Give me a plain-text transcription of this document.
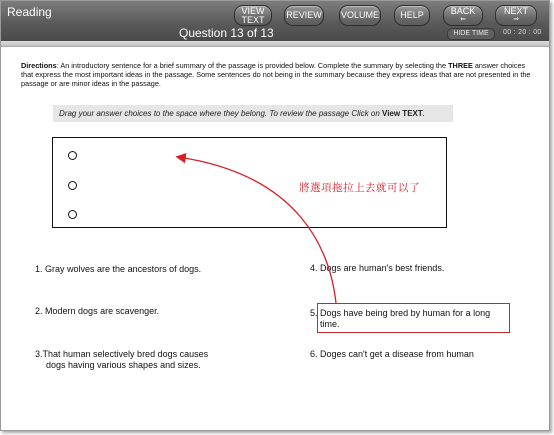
Reading	VIEW
TEXT	REVIEW VOLUME	HELP	BACK
⇐
NEXT
⇒
Question 13 of 13	HIDE TIME	00 : 20 : 00
Directions: An introductory sentence for a brief summary of the passage is provided below. Complete the summary by selecting the THREE answer choices that express the most important ideas in the passage. Some sentences do not being in the summary because they express ideas that are not presented in the passage or are minor ideas in the passage.
Drag your answer choices to the space where they belong. To review the passage Click on View TEXT.
將選項拖拉上去就可以了
1. Gray wolves are the ancestors of dogs.
2. Modern dogs are scavenger.
3.That human selectively bred dogs causes
dogs having various shapes and sizes.
4. Dogs are human's best friends.
5. Dogs have being bred by human for a long
time.
6. Doges can't get a disease from human
